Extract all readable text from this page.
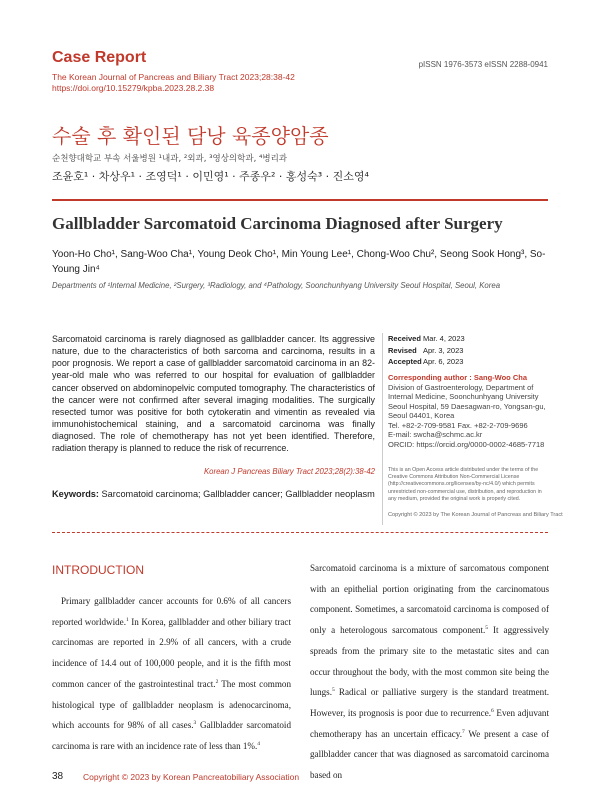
Case Report
The Korean Journal of Pancreas and Biliary Tract 2023;28:38-42
https://doi.org/10.15279/kpba.2023.28.2.38
pISSN 1976-3573 eISSN 2288-0941
수술 후 확인된 담낭 육종양암종
순천향대학교 부속 서울병원 ¹내과, ²외과, ³영상의학과, ⁴병리과
조윤호¹ · 차상우¹ · 조영덕¹ · 이민영¹ · 주종우² · 홍성숙³ · 진소영⁴
Gallbladder Sarcomatoid Carcinoma Diagnosed after Surgery
Yoon-Ho Cho¹, Sang-Woo Cha¹, Young Deok Cho¹, Min Young Lee¹, Chong-Woo Chu², Seong Sook Hong³, So-Young Jin⁴
Departments of ¹Internal Medicine, ²Surgery, ³Radiology, and ⁴Pathology, Soonchunhyang University Seoul Hospital, Seoul, Korea
Sarcomatoid carcinoma is rarely diagnosed as gallbladder cancer. Its aggressive nature, due to the characteristics of both sarcoma and carcinoma, results in a poor prognosis. We report a case of gallbladder sarcomatoid carcinoma in an 82-year-old male who was referred to our hospital for evaluation of gallbladder cancer observed on abdominopelvic computed tomography. The characteristics of the cancer were not confirmed after several imaging modalities. The surgically resected tumor was positive for both cytokeratin and vimentin as revealed via immunohistochemical staining, and a sarcomatoid carcinoma was finally diagnosed. The role of chemotherapy has not yet been identified. Therefore, radiation therapy is planned to reduce the risk of recurrence.
Korean J Pancreas Biliary Tract 2023;28(2):38-42
Keywords: Sarcomatoid carcinoma; Gallbladder cancer; Gallbladder neoplasm
Received Mar. 4, 2023
Revised Apr. 3, 2023
AcceptedApr. 6, 2023
Corresponding author : Sang-Woo Cha
Division of Gastroenterology, Department of
Internal Medicine, Soonchunhyang University
Seoul Hospital, 59 Daesagwan-ro, Yongsan-gu,
Seoul 04401, Korea
Tel. +82-2-709-9581 Fax. +82-2-709-9696
E-mail: swcha@schmc.ac.kr
ORCID: https://orcid.org/0000-0002-4685-7718
This is an Open Access article distributed under the terms of the Creative Commons Attribution Non-Commercial License (http://creativecommons.org/licenses/by-nc/4.0/) which permits unrestricted non-commercial use, distribution, and reproduction in any medium, provided the original work is properly cited.
Copyright © 2023 by The Korean Journal of Pancreas and Biliary Tract
INTRODUCTION
Primary gallbladder cancer accounts for 0.6% of all cancers reported worldwide.$^1$ In Korea, gallbladder and other biliary tract carcinomas are reported in 2.9% of all cancers, with a crude incidence of 14.4 out of 100,000 people, and it is the fifth most common cancer of the gastrointestinal tract.$^2$ The most common histological type of gallbladder neoplasm is adenocarcinoma, which accounts for 98% of all cases.$^3$ Gallbladder sarcomatoid carcinoma is rare with an incidence rate of less than 1%.$^4$
Sarcomatoid carcinoma is a mixture of sarcomatous component with an epithelial portion originating from the carcinomatous component. Sometimes, a sarcomatoid carcinoma is composed of only a heterologous sarcomatous component.$^5$ It aggressively spreads from the primary site to the metastatic sites and can occur throughout the body, with the most common site being the lungs.$^5$ Radical or palliative surgery is the standard treatment. However, its prognosis is poor due to recurrence.$^6$ Even adjuvant chemotherapy has an uncertain efficacy.$^7$ We present a case of gallbladder cancer that was diagnosed as sarcomatoid carcinoma based on
38 Copyright © 2023 by Korean Pancreatobiliary Association
